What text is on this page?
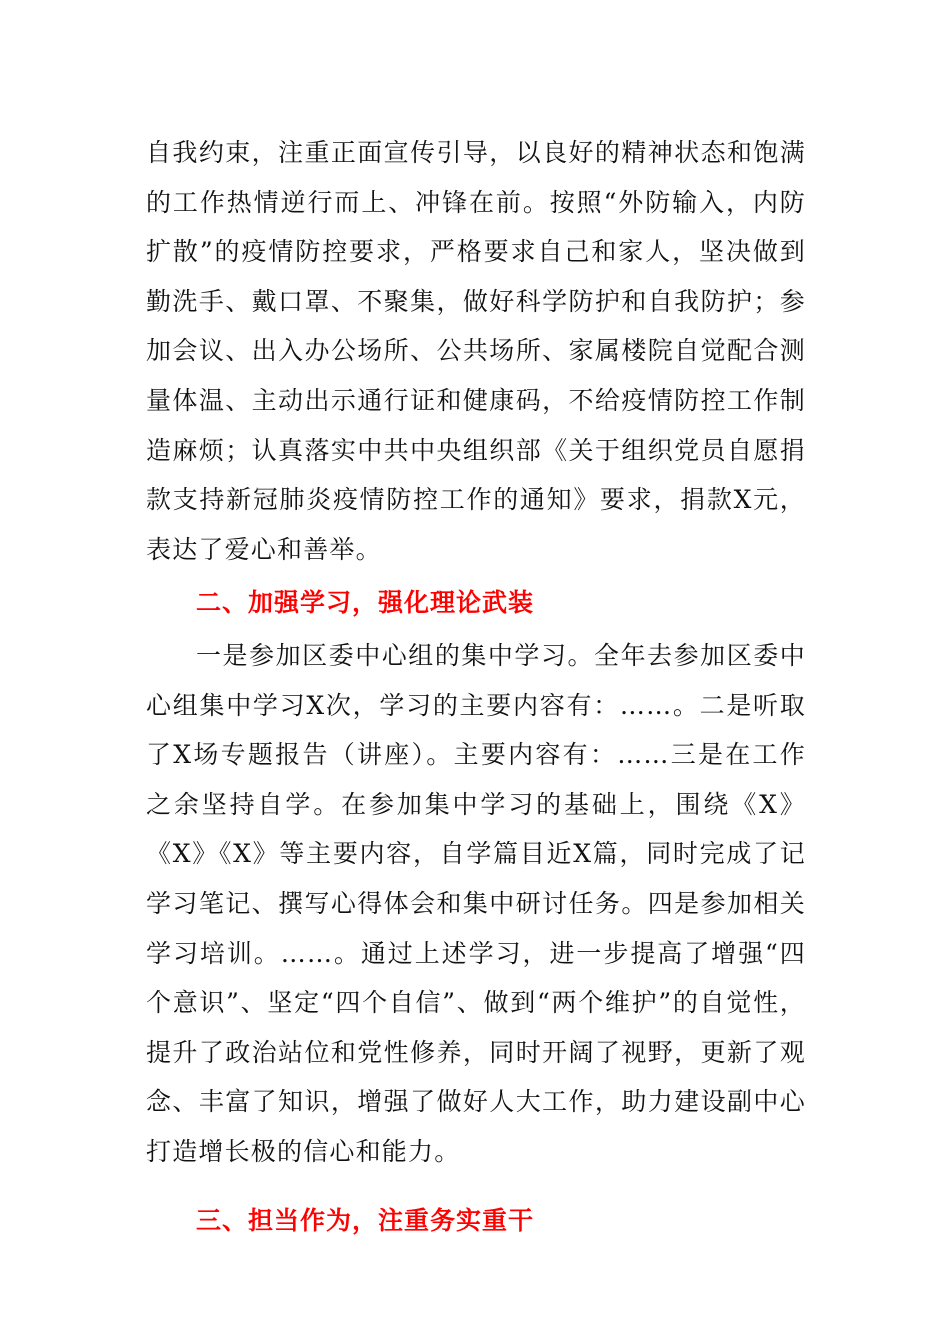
自我约束，注重正面宣传引导，以良好的精神状态和饱满的工作热情逆行而上、冲锋在前。按照“外防输入，内防扩散”的疫情防控要求，严格要求自己和家人，坚决做到勤洗手、戴口罩、不聚集，做好科学防护和自我防护；参加会议、出入办公场所、公共场所、家属楼院自觉配合测量体温、主动出示通行证和健康码，不给疫情防控工作制造麻烦；认真落实中共中央组织部《关于组织党员自愿捐款支持新冠肺炎疫情防控工作的通知》要求，捐款X元，表达了爱心和善举。

二、加强学习，强化理论武装

一是参加区委中心组的集中学习。全年去参加区委中心组集中学习X次，学习的主要内容有：……。二是听取了X场专题报告（讲座）。主要内容有：……三是在工作之余坚持自学。在参加集中学习的基础上，围绕《X》《X》《X》等主要内容，自学篇目近X篇，同时完成了记学习笔记、撰写心得体会和集中研讨任务。四是参加相关学习培训。……。通过上述学习，进一步提高了增强“四个意识”、坚定“四个自信”、做到“两个维护”的自觉性，提升了政治站位和党性修养，同时开阔了视野，更新了观念、丰富了知识，增强了做好人大工作，助力建设副中心打造增长极的信心和能力。

三、担当作为，注重务实重干
